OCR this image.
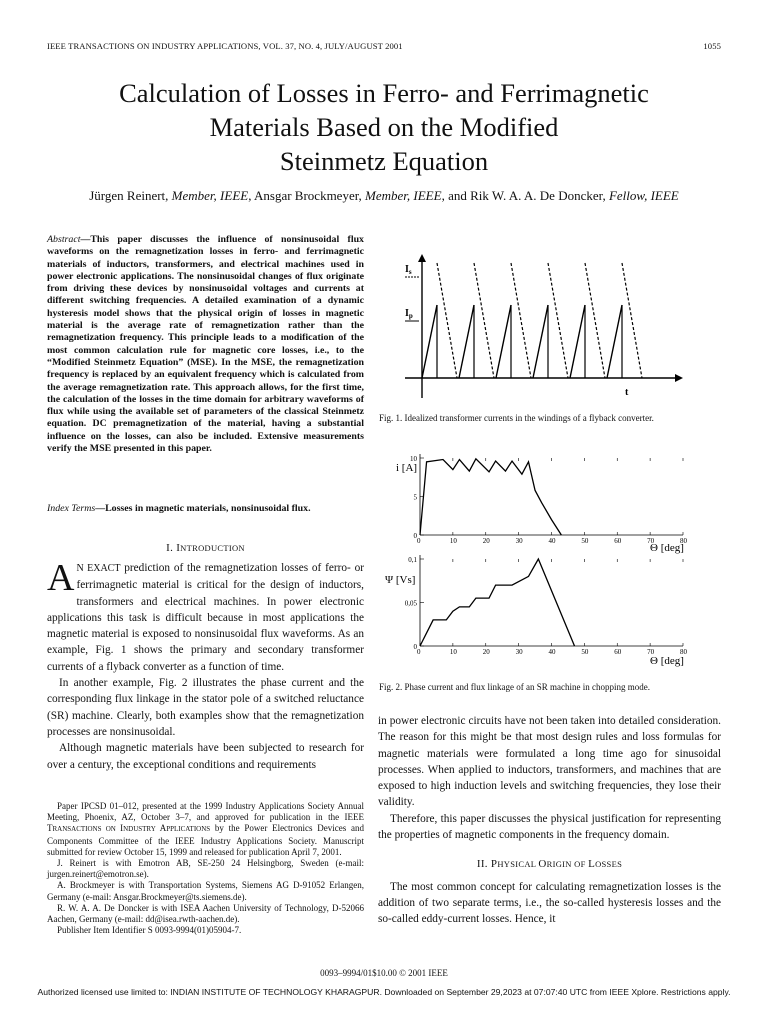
IEEE TRANSACTIONS ON INDUSTRY APPLICATIONS, VOL. 37, NO. 4, JULY/AUGUST 2001	1055
Calculation of Losses in Ferro- and Ferrimagnetic
Materials Based on the Modified
Steinmetz Equation
Jürgen Reinert, Member, IEEE, Ansgar Brockmeyer, Member, IEEE, and Rik W. A. A. De Doncker, Fellow, IEEE
Abstract—This paper discusses the influence of nonsinusoidal flux waveforms on the remagnetization losses in ferro- and ferrimagnetic materials of inductors, transformers, and electrical machines used in power electronic applications. The nonsinusoidal changes of flux originate from driving these devices by nonsinusoidal voltages and currents at different switching frequencies. A detailed examination of a dynamic hysteresis model shows that the physical origin of losses in magnetic material is the average rate of remagnetization rather than the remagnetization frequency. This principle leads to a modification of the most common calculation rule for magnetic core losses, i.e., to the “Modified Steinmetz Equation” (MSE). In the MSE, the remagnetization frequency is replaced by an equivalent frequency which is calculated from the average remagnetization rate. This approach allows, for the first time, the calculation of the losses in the time domain for arbitrary waveforms of flux while using the available set of parameters of the classical Steinmetz equation. DC premagnetization of the material, having a substantial influence on the losses, can also be included. Extensive measurements verify the MSE presented in this paper.
Index Terms—Losses in magnetic materials, nonsinusoidal flux.
I. INTRODUCTION

A N EXACT prediction of the remagnetization losses of ferro- or ferrimagnetic material is critical for the design of inductors, transformers and electrical machines. In power electronic applications this task is difficult because in most applications the magnetic material is exposed to nonsinusoidal flux waveforms. As an example, Fig. 1 shows the primary and secondary transformer currents of a flyback converter as a function of time.

In another example, Fig. 2 illustrates the phase current and the corresponding flux linkage in the stator pole of a switched reluctance (SR) machine. Clearly, both examples show that the remagnetization processes are nonsinusoidal.

Although magnetic materials have been subjected to research for over a century, the exceptional conditions and requirements

Paper IPCSD 01–012, presented at the 1999 Industry Applications Society Annual Meeting, Phoenix, AZ, October 3–7, and approved for publication in the IEEE TRANSACTIONS ON INDUSTRY APPLICATIONS by the Power Electronics Devices and Components Committee of the IEEE Industry Applications Society. Manuscript submitted for review October 15, 1999 and released for publication April 7, 2001.

J. Reinert is with Emotron AB, SE-250 24 Helsingborg, Sweden (e-mail: jurgen.reinert@emotron.se).

A. Brockmeyer is with Transportation Systems, Siemens AG D-91052 Erlangen, Germany (e-mail: Ansgar.Brockmeyer@ts.siemens.de).

R. W. A. A. De Doncker is with ISEA Aachen University of Technology, D-52066 Aachen, Germany (e-mail: dd@isea.rwth-aachen.de).

Publisher Item Identifier S 0093-9994(01)05904-7.

$I_s$
$I_p$
t
Fig. 1. Idealized transformer currents in the windings of a flyback converter.
0	10	20	30	40	50	60	70	80
10
5
0
0	10	20	30	40	50	60	70	80
0,1
0,05
0
i [A]
Ψ [Vs]
Θ [deg]
Θ [deg]
Fig. 2. Phase current and flux linkage of an SR machine in chopping mode.

in power electronic circuits have not been taken into detailed consideration. The reason for this might be that most design rules and loss formulas for magnetic materials were formulated a long time ago for sinusoidal processes. When applied to inductors, transformers, and machines that are exposed to high induction levels and switching frequencies, they lose their validity.

Therefore, this paper discusses the physical justification for representing the properties of magnetic components in the frequency domain.

II. PHYSICAL ORIGIN OF LOSSES

The most common concept for calculating remagnetization losses is the addition of two separate terms, i.e., the so-called hysteresis losses and the so-called eddy-current losses. Hence, it

0093–9994/01$10.00 © 2001 IEEE
Authorized licensed use limited to: INDIAN INSTITUTE OF TECHNOLOGY KHARAGPUR. Downloaded on September 29,2023 at 07:07:40 UTC from IEEE Xplore. Restrictions apply.
